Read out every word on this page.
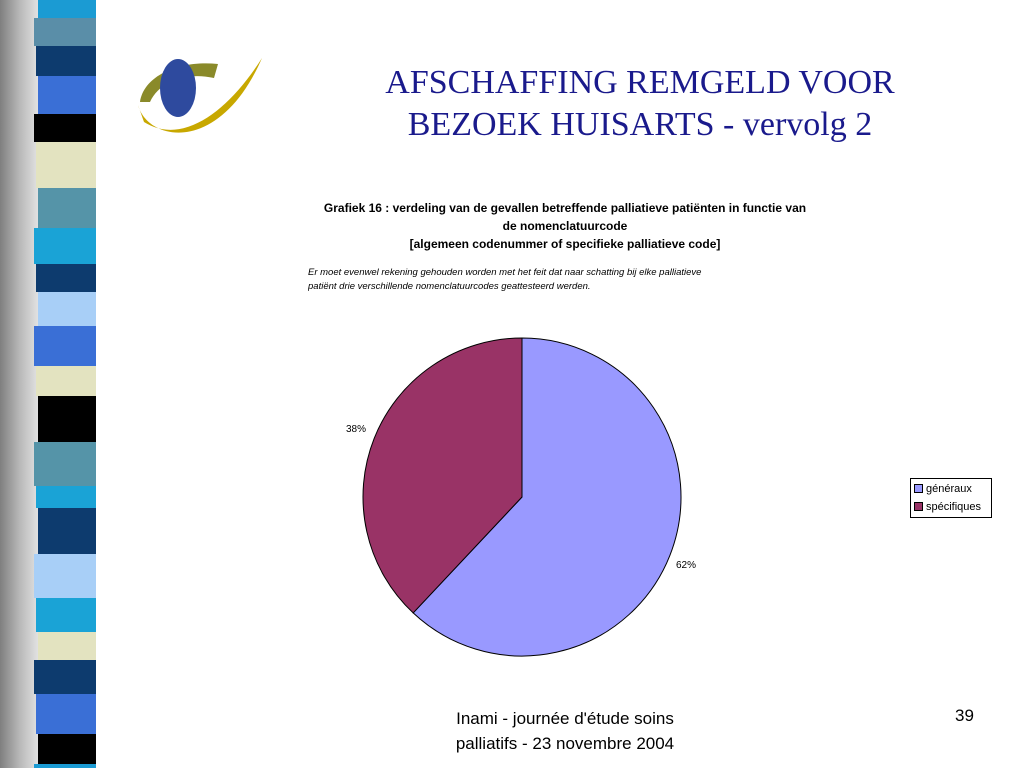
AFSCHAFFING REMGELD VOOR
BEZOEK HUISARTS - vervolg 2
Grafiek 16 : verdeling van de gevallen betreffende palliatieve patiënten in functie van
de nomenclatuurcode
[algemeen codenummer of specifieke palliatieve code]
Er moet evenwel rekening gehouden worden met het feit dat naar schatting bij elke palliatieve
patiënt drie verschillende nomenclatuurcodes geattesteerd werden.
62%
38%
généraux
spécifiques
Inami - journée d'étude soins
palliatifs - 23 novembre 2004
39
